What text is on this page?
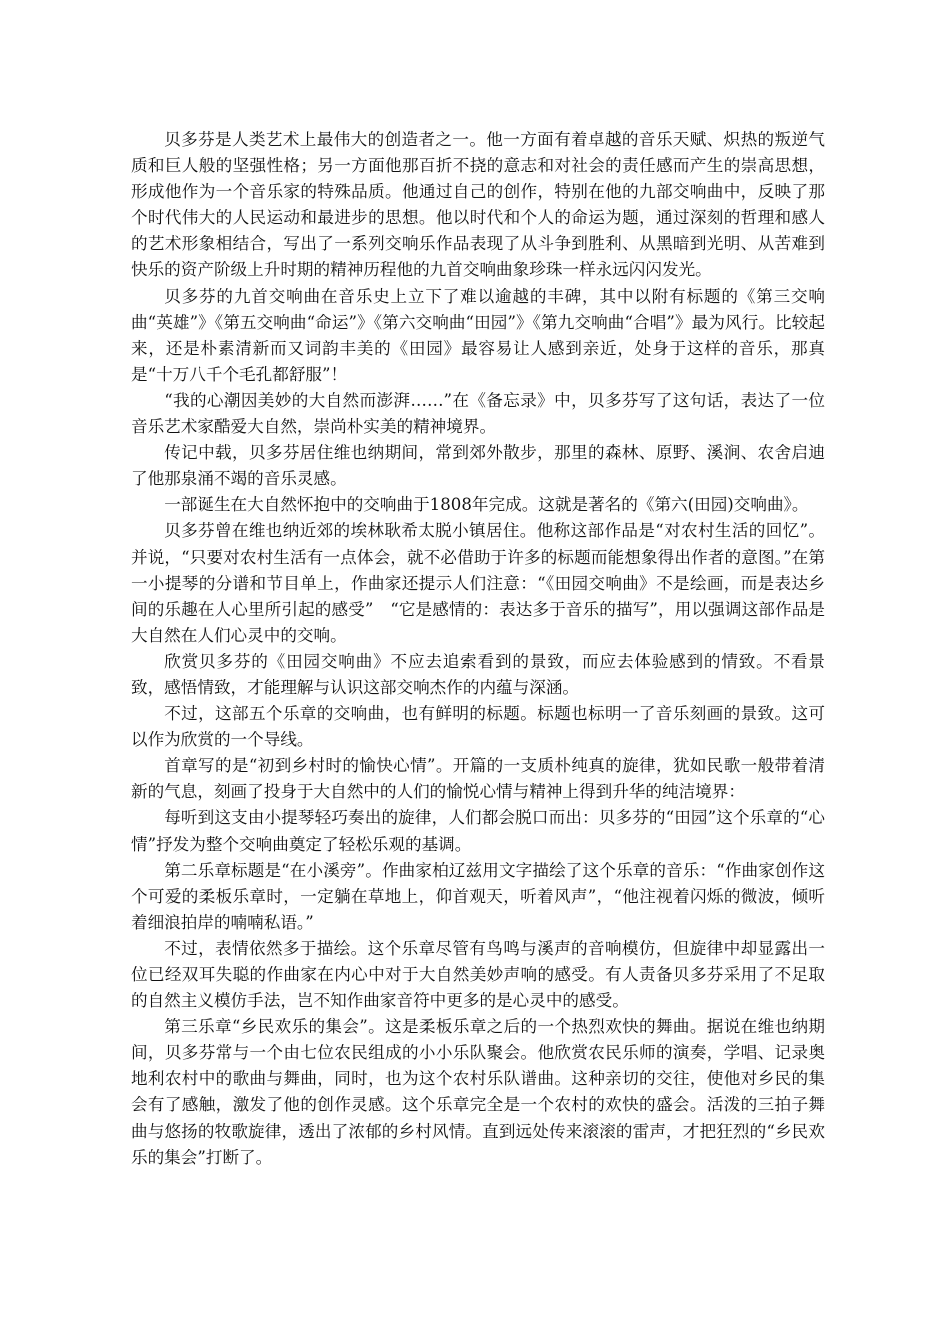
贝多芬是人类艺术上最伟大的创造者之一。他一方面有着卓越的音乐天赋、炽热的叛逆气质和巨人般的坚强性格；另一方面他那百折不挠的意志和对社会的责任感而产生的崇高思想，形成他作为一个音乐家的特殊品质。他通过自己的创作，特别在他的九部交响曲中，反映了那个时代伟大的人民运动和最进步的思想。他以时代和个人的命运为题，通过深刻的哲理和感人的艺术形象相结合，写出了一系列交响乐作品表现了从斗争到胜利、从黑暗到光明、从苦难到快乐的资产阶级上升时期的精神历程他的九首交响曲象珍珠一样永远闪闪发光。

贝多芬的九首交响曲在音乐史上立下了难以逾越的丰碑，其中以附有标题的《第三交响曲“英雄”》《第五交响曲“命运”》《第六交响曲“田园”》《第九交响曲“合唱”》最为风行。比较起来，还是朴素清新而又词韵丰美的《田园》最容易让人感到亲近，处身于这样的音乐，那真是“十万八千个毛孔都舒服”！

“我的心潮因美妙的大自然而澎湃……”在《备忘录》中，贝多芬写了这句话，表达了一位音乐艺术家酷爱大自然，崇尚朴实美的精神境界。

传记中载，贝多芬居住维也纳期间，常到郊外散步，那里的森林、原野、溪涧、农舍启迪了他那泉涌不竭的音乐灵感。

一部诞生在大自然怀抱中的交响曲于1808年完成。这就是著名的《第六(田园)交响曲》。

贝多芬曾在维也纳近郊的埃林耿希太脱小镇居住。他称这部作品是“对农村生活的回忆”。并说，“只要对农村生活有一点体会，就不必借助于许多的标题而能想象得出作者的意图。”在第一小提琴的分谱和节目单上，作曲家还提示人们注意：“《田园交响曲》不是绘画，而是表达乡间的乐趣在人心里所引起的感受”　“它是感情的：表达多于音乐的描写”，用以强调这部作品是大自然在人们心灵中的交响。

欣赏贝多芬的《田园交响曲》不应去追索看到的景致，而应去体验感到的情致。不看景致，感悟情致，才能理解与认识这部交响杰作的内蕴与深涵。

不过，这部五个乐章的交响曲，也有鲜明的标题。标题也标明一了音乐刻画的景致。这可以作为欣赏的一个导线。

首章写的是“初到乡村时的愉快心情”。开篇的一支质朴纯真的旋律，犹如民歌一般带着清新的气息，刻画了投身于大自然中的人们的愉悦心情与精神上得到升华的纯洁境界：

每听到这支由小提琴轻巧奏出的旋律，人们都会脱口而出：贝多芬的“田园”这个乐章的“心情”抒发为整个交响曲奠定了轻松乐观的基调。

第二乐章标题是“在小溪旁”。作曲家柏辽兹用文字描绘了这个乐章的音乐：“作曲家创作这个可爱的柔板乐章时，一定躺在草地上，仰首观天，听着风声”，“他注视着闪烁的微波，倾听着细浪拍岸的喃喃私语。”

不过，表情依然多于描绘。这个乐章尽管有鸟鸣与溪声的音响模仿，但旋律中却显露出一位已经双耳失聪的作曲家在内心中对于大自然美妙声响的感受。有人责备贝多芬采用了不足取的自然主义模仿手法，岂不知作曲家音符中更多的是心灵中的感受。

第三乐章“乡民欢乐的集会”。这是柔板乐章之后的一个热烈欢快的舞曲。据说在维也纳期间，贝多芬常与一个由七位农民组成的小小乐队聚会。他欣赏农民乐师的演奏，学唱、记录奥地利农村中的歌曲与舞曲，同时，也为这个农村乐队谱曲。这种亲切的交往，使他对乡民的集会有了感触，激发了他的创作灵感。这个乐章完全是一个农村的欢快的盛会。活泼的三拍子舞曲与悠扬的牧歌旋律，透出了浓郁的乡村风情。直到远处传来滚滚的雷声，才把狂烈的“乡民欢乐的集会”打断了。
